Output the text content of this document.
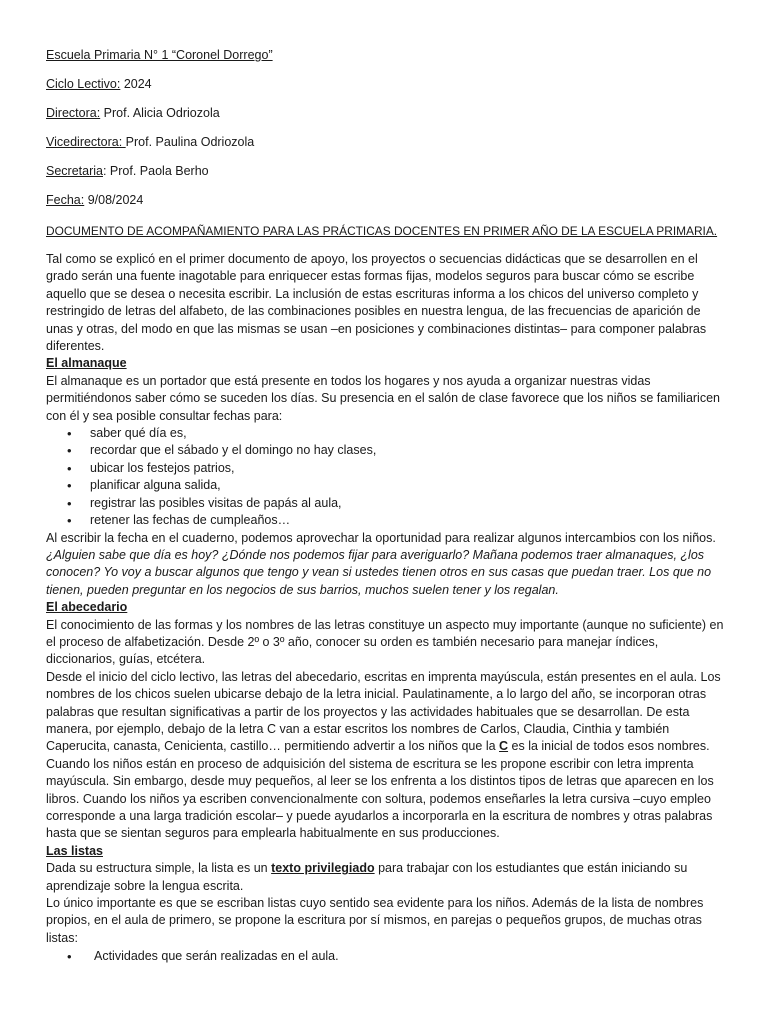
Escuela Primaria N° 1 “Coronel Dorrego”
Ciclo Lectivo: 2024
Directora: Prof. Alicia Odriozola
Vicedirectora: Prof. Paulina Odriozola
Secretaria: Prof. Paola Berho
Fecha: 9/08/2024
DOCUMENTO DE ACOMPAÑAMIENTO PARA LAS PRÁCTICAS DOCENTES EN PRIMER AÑO DE LA ESCUELA PRIMARIA.

Tal como se explicó en el primer documento de apoyo, los proyectos o secuencias didácticas que se desarrollen en el grado serán una fuente inagotable para enriquecer estas formas fijas, modelos seguros para buscar cómo se escribe aquello que se desea o necesita escribir. La inclusión de estas escrituras informa a los chicos del universo completo y restringido de letras del alfabeto, de las combinaciones posibles en nuestra lengua, de las frecuencias de aparición de unas y otras, del modo en que las mismas se usan –en posiciones y combinaciones distintas– para componer palabras diferentes.

El almanaque

El almanaque es un portador que está presente en todos los hogares y nos ayuda a organizar nuestras vidas permitiéndonos saber cómo se suceden los días. Su presencia en el salón de clase favorece que los niños se familiaricen con él y sea posible consultar fechas para:

• saber qué día es,
• recordar que el sábado y el domingo no hay clases,
• ubicar los festejos patrios,
• planificar alguna salida,
• registrar las posibles visitas de papás al aula,
• retener las fechas de cumpleaños…

Al escribir la fecha en el cuaderno, podemos aprovechar la oportunidad para realizar algunos intercambios con los niños. ¿Alguien sabe que día es hoy? ¿Dónde nos podemos fijar para averiguarlo? Mañana podemos traer almanaques, ¿los conocen? Yo voy a buscar algunos que tengo y vean si ustedes tienen otros en sus casas que puedan traer. Los que no tienen, pueden preguntar en los negocios de sus barrios, muchos suelen tener y los regalan.

El abecedario

El conocimiento de las formas y los nombres de las letras constituye un aspecto muy importante (aunque no suficiente) en el proceso de alfabetización. Desde 2º o 3º año, conocer su orden es también necesario para manejar índices, diccionarios, guías, etcétera.

Desde el inicio del ciclo lectivo, las letras del abecedario, escritas en imprenta mayúscula, están presentes en el aula. Los nombres de los chicos suelen ubicarse debajo de la letra inicial. Paulatinamente, a lo largo del año, se incorporan otras palabras que resultan significativas a partir de los proyectos y las actividades habituales que se desarrollan. De esta manera, por ejemplo, debajo de la letra C van a estar escritos los nombres de Carlos, Claudia, Cinthia y también Caperucita, canasta, Cenicienta, castillo… permitiendo advertir a los niños que la C es la inicial de todos esos nombres.

Cuando los niños están en proceso de adquisición del sistema de escritura se les propone escribir con letra imprenta mayúscula. Sin embargo, desde muy pequeños, al leer se los enfrenta a los distintos tipos de letras que aparecen en los libros. Cuando los niños ya escriben convencionalmente con soltura, podemos enseñarles la letra cursiva –cuyo empleo corresponde a una larga tradición escolar– y puede ayudarlos a incorporarla en la escritura de nombres y otras palabras hasta que se sientan seguros para emplearla habitualmente en sus producciones.

Las listas

Dada su estructura simple, la lista es un texto privilegiado para trabajar con los estudiantes que están iniciando su aprendizaje sobre la lengua escrita.

Lo único importante es que se escriban listas cuyo sentido sea evidente para los niños. Además de la lista de nombres propios, en el aula de primero, se propone la escritura por sí mismos, en parejas o pequeños grupos, de muchas otras listas:

• Actividades que serán realizadas en el aula.
